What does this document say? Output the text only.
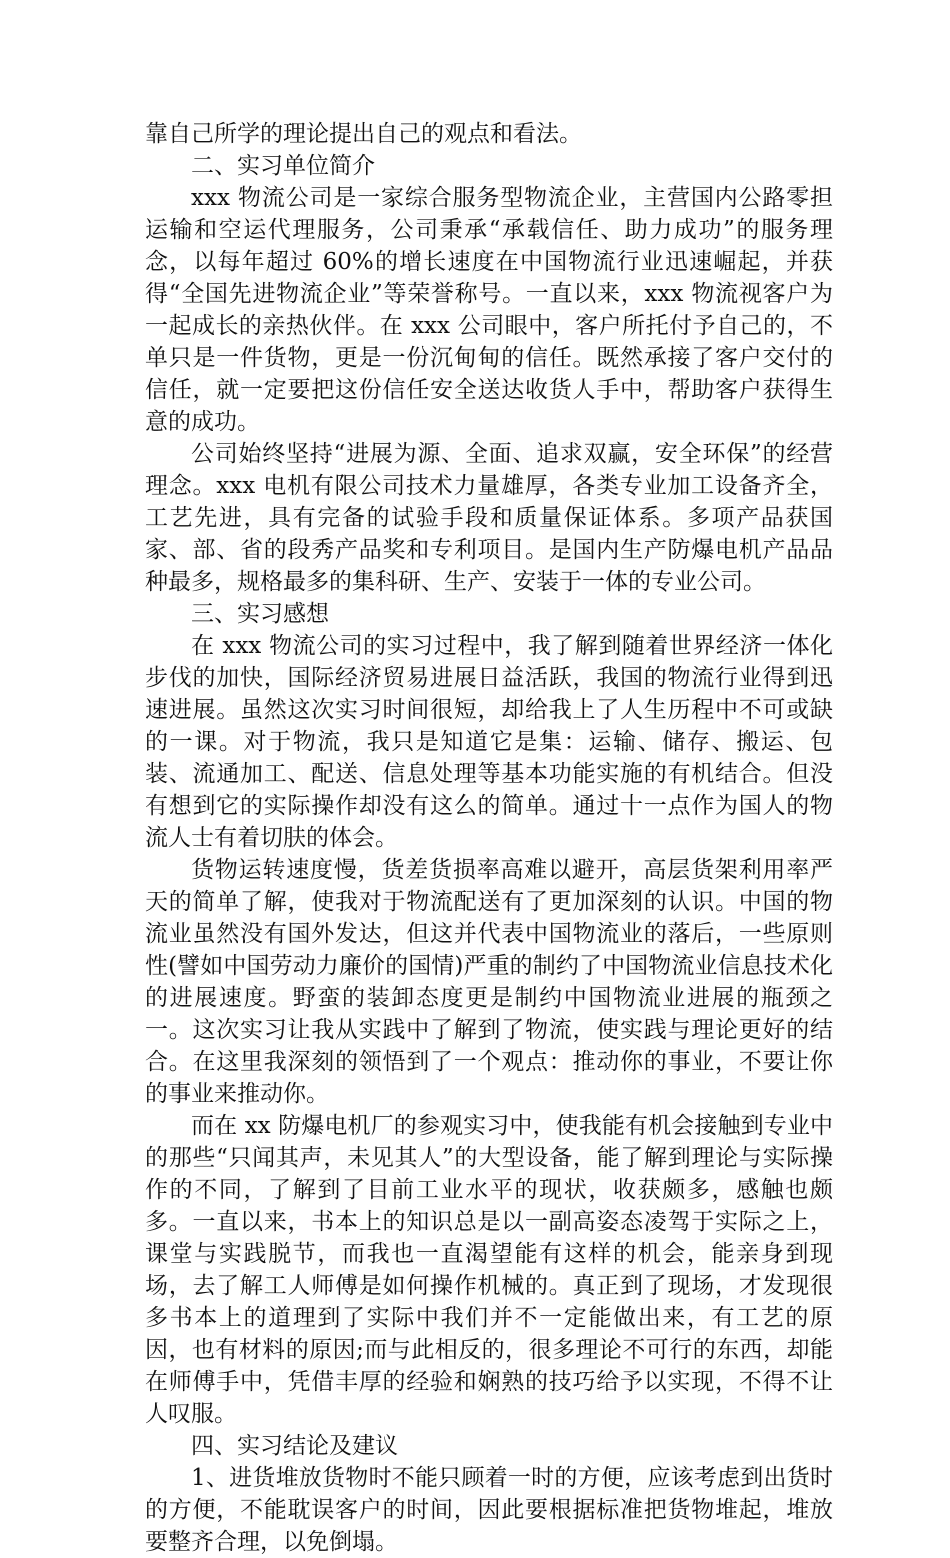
靠自己所学的理论提出自己的观点和看法。

二、实习单位简介

xxx 物流公司是一家综合服务型物流企业，主营国内公路零担运输和空运代理服务，公司秉承“承载信任、助力成功”的服务理念，以每年超过 60%的增长速度在中国物流行业迅速崛起，并获得“全国先进物流企业”等荣誉称号。一直以来，xxx 物流视客户为一起成长的亲热伙伴。在 xxx 公司眼中，客户所托付予自己的，不单只是一件货物，更是一份沉甸甸的信任。既然承接了客户交付的信任，就一定要把这份信任安全送达收货人手中，帮助客户获得生意的成功。

公司始终坚持“进展为源、全面、追求双赢，安全环保”的经营理念。xxx 电机有限公司技术力量雄厚，各类专业加工设备齐全，工艺先进，具有完备的试验手段和质量保证体系。多项产品获国家、部、省的段秀产品奖和专利项目。是国内生产防爆电机产品品种最多，规格最多的集科研、生产、安装于一体的专业公司。

三、实习感想

在 xxx 物流公司的实习过程中，我了解到随着世界经济一体化步伐的加快，国际经济贸易进展日益活跃，我国的物流行业得到迅速进展。虽然这次实习时间很短，却给我上了人生历程中不可或缺的一课。对于物流，我只是知道它是集：运输、储存、搬运、包装、流通加工、配送、信息处理等基本功能实施的有机结合。但没有想到它的实际操作却没有这么的简单。通过十一点作为国人的物流人士有着切肤的体会。

货物运转速度慢，货差货损率高难以避开，高层货架利用率严天的简单了解，使我对于物流配送有了更加深刻的认识。中国的物流业虽然没有国外发达，但这并代表中国物流业的落后，一些原则性(譬如中国劳动力廉价的国情)严重的制约了中国物流业信息技术化的进展速度。野蛮的装卸态度更是制约中国物流业进展的瓶颈之一。这次实习让我从实践中了解到了物流，使实践与理论更好的结合。在这里我深刻的领悟到了一个观点：推动你的事业，不要让你的事业来推动你。

而在 xx 防爆电机厂的参观实习中，使我能有机会接触到专业中的那些“只闻其声，未见其人”的大型设备，能了解到理论与实际操作的不同，了解到了目前工业水平的现状，收获颇多，感触也颇多。一直以来，书本上的知识总是以一副高姿态凌驾于实际之上，课堂与实践脱节，而我也一直渴望能有这样的机会，能亲身到现场，去了解工人师傅是如何操作机械的。真正到了现场，才发现很多书本上的道理到了实际中我们并不一定能做出来，有工艺的原因，也有材料的原因;而与此相反的，很多理论不可行的东西，却能在师傅手中，凭借丰厚的经验和娴熟的技巧给予以实现，不得不让人叹服。

四、实习结论及建议

1、进货堆放货物时不能只顾着一时的方便，应该考虑到出货时的方便，不能耽误客户的时间，因此要根据标准把货物堆起，堆放要整齐合理，以免倒塌。
